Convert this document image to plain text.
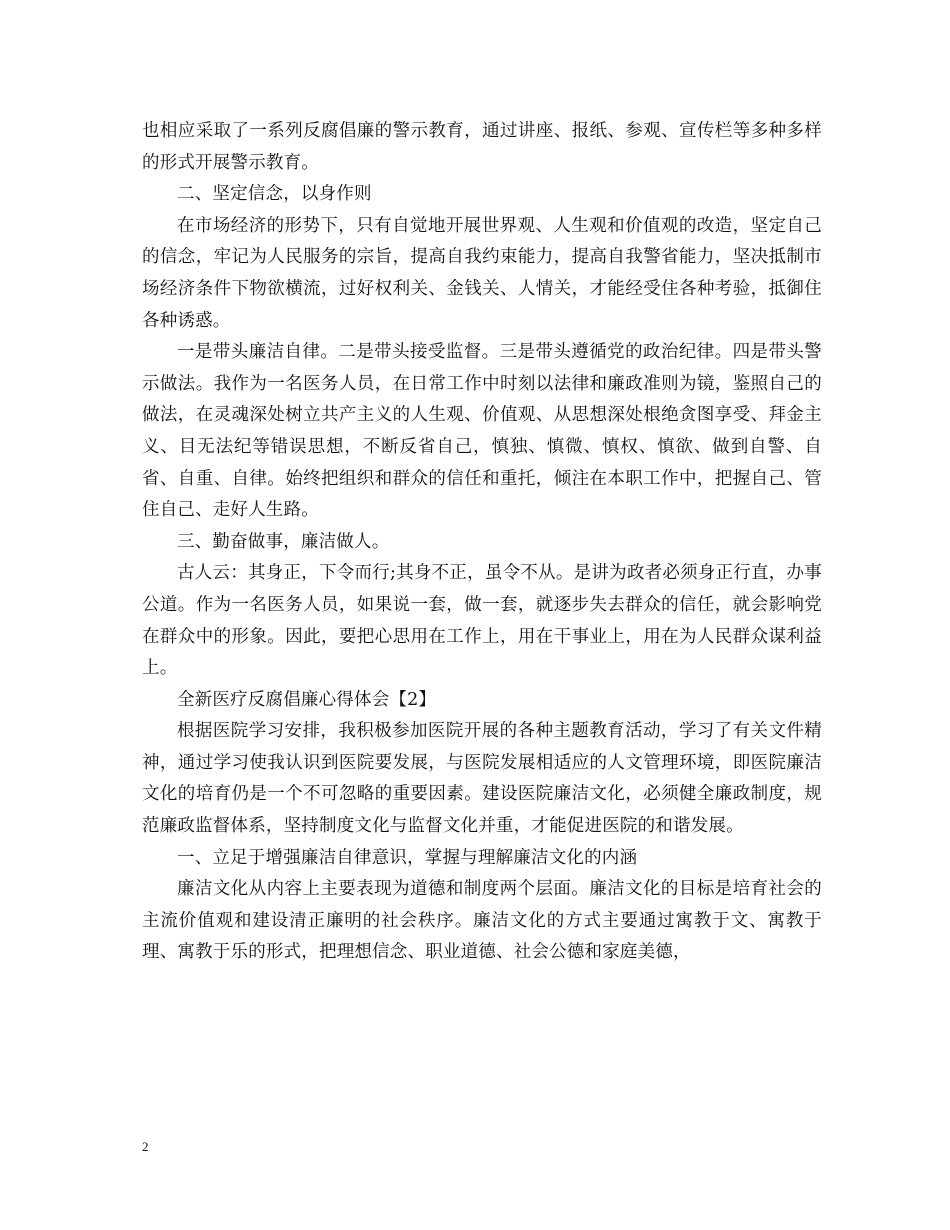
也相应采取了一系列反腐倡廉的警示教育，通过讲座、报纸、参观、宣传栏等多种多样的形式开展警示教育。

二、坚定信念，以身作则

在市场经济的形势下，只有自觉地开展世界观、人生观和价值观的改造，坚定自己的信念，牢记为人民服务的宗旨，提高自我约束能力，提高自我警省能力，坚决抵制市场经济条件下物欲横流，过好权利关、金钱关、人情关，才能经受住各种考验，抵御住各种诱惑。

一是带头廉洁自律。二是带头接受监督。三是带头遵循党的政治纪律。四是带头警示做法。我作为一名医务人员，在日常工作中时刻以法律和廉政准则为镜，鉴照自己的做法，在灵魂深处树立共产主义的人生观、价值观、从思想深处根绝贪图享受、拜金主义、目无法纪等错误思想，不断反省自己，慎独、慎微、慎权、慎欲、做到自警、自省、自重、自律。始终把组织和群众的信任和重托，倾注在本职工作中，把握自己、管住自己、走好人生路。

三、勤奋做事，廉洁做人。

古人云：其身正，下令而行;其身不正，虽令不从。是讲为政者必须身正行直，办事公道。作为一名医务人员，如果说一套，做一套，就逐步失去群众的信任，就会影响党在群众中的形象。因此，要把心思用在工作上，用在干事业上，用在为人民群众谋利益上。

全新医疗反腐倡廉心得体会【2】

根据医院学习安排，我积极参加医院开展的各种主题教育活动，学习了有关文件精神，通过学习使我认识到医院要发展，与医院发展相适应的人文管理环境，即医院廉洁文化的培育仍是一个不可忽略的重要因素。建设医院廉洁文化，必须健全廉政制度，规范廉政监督体系，坚持制度文化与监督文化并重，才能促进医院的和谐发展。

一、立足于增强廉洁自律意识，掌握与理解廉洁文化的内涵

廉洁文化从内容上主要表现为道德和制度两个层面。廉洁文化的目标是培育社会的主流价值观和建设清正廉明的社会秩序。廉洁文化的方式主要通过寓教于文、寓教于理、寓教于乐的形式，把理想信念、职业道德、社会公德和家庭美德，

2
